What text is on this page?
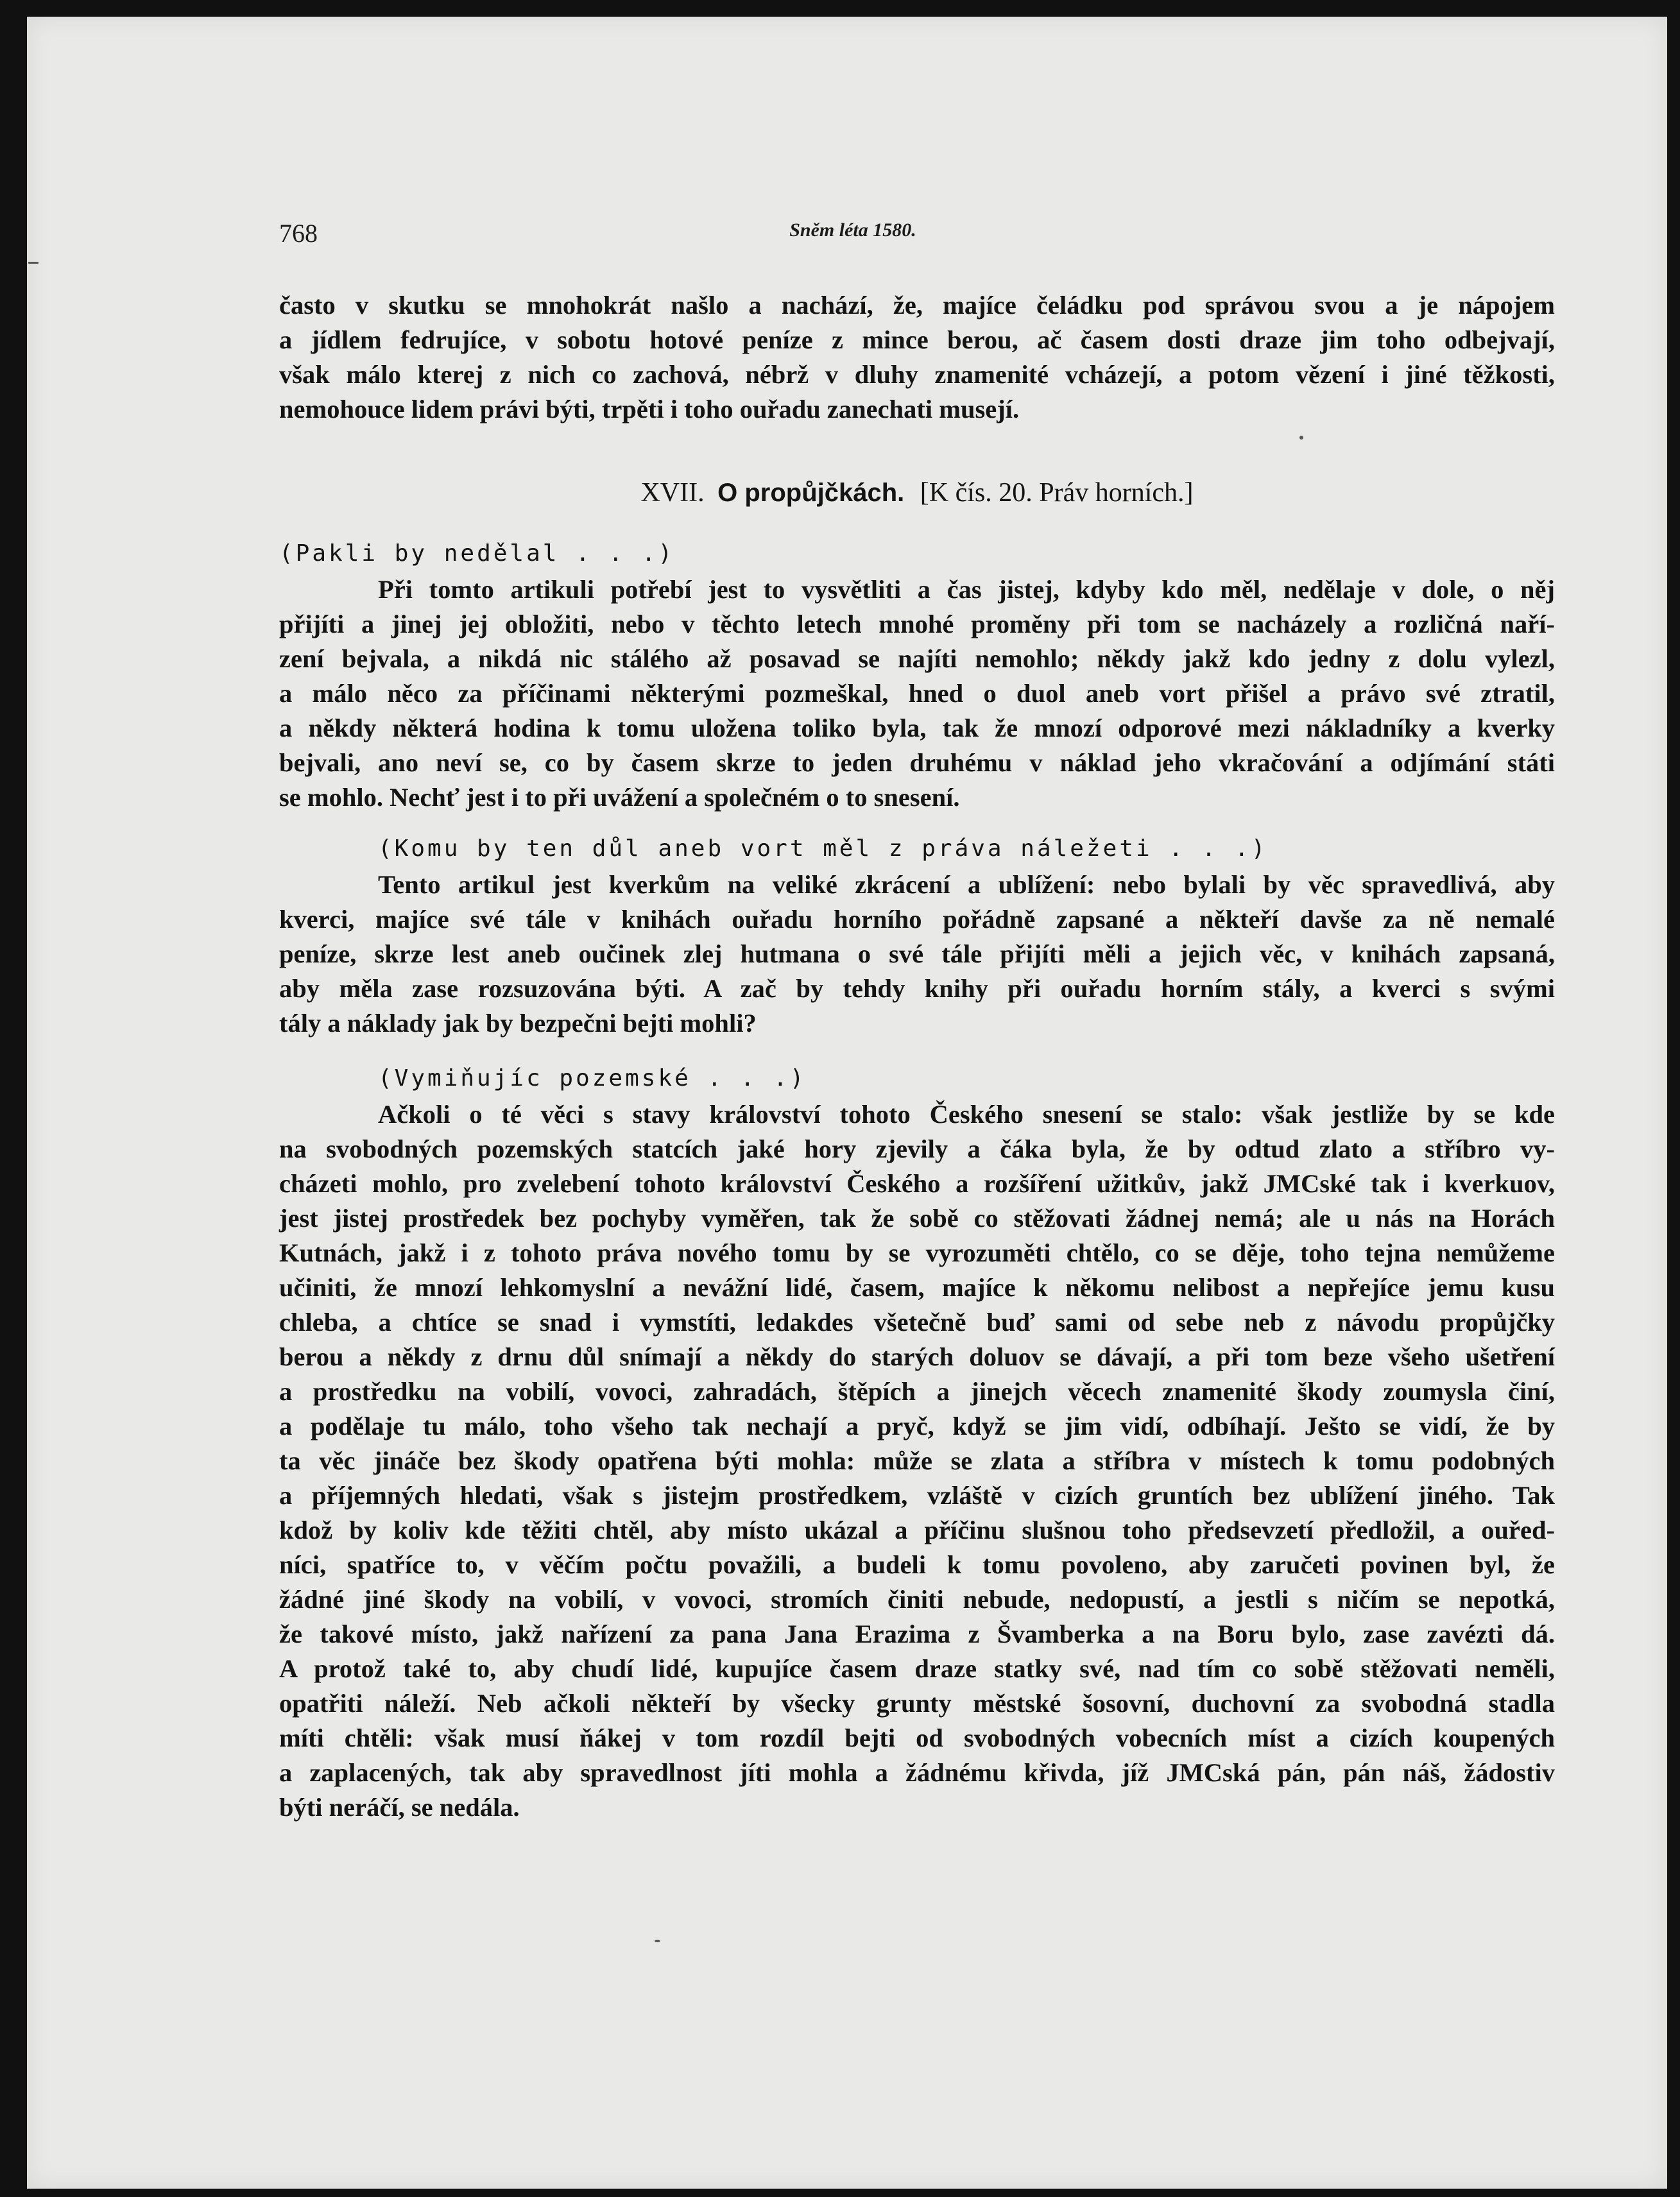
768	Sněm léta 1580.
často v skutku se mnohokrát našlo a nachází, že, majíce čeládku pod správou svou a je nápojem
a jídlem fedrujíce, v sobotu hotové peníze z mince berou, ač časem dosti draze jim toho odbejvají,
však málo kterej z nich co zachová, nébrž v dluhy znamenité vcházejí, a potom vězení i jiné těžkosti,
nemohouce lidem právi býti, trpěti i toho ouřadu zanechati musejí.
XVII. O propůjčkách. [K čís. 20. Práv horních.]
(Pakli by nedělal . . .)
Při tomto artikuli potřebí jest to vysvětliti a čas jistej, kdyby kdo měl, nedělaje v dole, o něj
přijíti a jinej jej obložiti, nebo v těchto letech mnohé proměny při tom se nacházely a rozličná naří-
zení bejvala, a nikdá nic stálého až posavad se najíti nemohlo; někdy jakž kdo jedny z dolu vylezl,
a málo něco za příčinami některými pozmeškal, hned o duol aneb vort přišel a právo své ztratil,
a někdy některá hodina k tomu uložena toliko byla, tak že mnozí odporové mezi nákladníky a kverky
bejvali, ano neví se, co by časem skrze to jeden druhému v náklad jeho vkračování a odjímání státi
se mohlo. Nechť jest i to při uvážení a společném o to snesení.
(Komu by ten důl aneb vort měl z práva náležeti . . .)
Tento artikul jest kverkům na veliké zkrácení a ublížení: nebo bylali by věc spravedlivá, aby
kverci, majíce své tále v knihách ouřadu horního pořádně zapsané a někteří davše za ně nemalé
peníze, skrze lest aneb oučinek zlej hutmana o své tále přijíti měli a jejich věc, v knihách zapsaná,
aby měla zase rozsuzována býti. A zač by tehdy knihy při ouřadu horním stály, a kverci s svými
tály a náklady jak by bezpečni bejti mohli?
(Vymiňujíc pozemské . . .)
Ačkoli o té věci s stavy království tohoto Českého snesení se stalo: však jestliže by se kde
na svobodných pozemských statcích jaké hory zjevily a čáka byla, že by odtud zlato a stříbro vy-
cházeti mohlo, pro zvelebení tohoto království Českého a rozšíření užitkův, jakž JMCské tak i kverkuov,
jest jistej prostředek bez pochyby vyměřen, tak že sobě co stěžovati žádnej nemá; ale u nás na Horách
Kutnách, jakž i z tohoto práva nového tomu by se vyrozuměti chtělo, co se děje, toho tejna nemůžeme
učiniti, že mnozí lehkomyslní a nevážní lidé, časem, majíce k někomu nelibost a nepřejíce jemu kusu
chleba, a chtíce se snad i vymstíti, ledakdes všetečně buď sami od sebe neb z návodu propůjčky
berou a někdy z drnu důl snímají a někdy do starých doluov se dávají, a při tom beze všeho ušetření
a prostředku na vobilí, vovoci, zahradách, štěpích a jinejch věcech znamenité škody zoumysla činí,
a podělaje tu málo, toho všeho tak nechají a pryč, když se jim vidí, odbíhají. Ješto se vidí, že by
ta věc jináče bez škody opatřena býti mohla: může se zlata a stříbra v místech k tomu podobných
a příjemných hledati, však s jistejm prostředkem, vzláště v cizích gruntích bez ublížení jiného. Tak
kdož by koliv kde těžiti chtěl, aby místo ukázal a příčinu slušnou toho předsevzetí předložil, a ouřed-
níci, spatříce to, v věčím počtu považili, a budeli k tomu povoleno, aby zaručeti povinen byl, že
žádné jiné škody na vobilí, v vovoci, stromích činiti nebude, nedopustí, a jestli s ničím se nepotká,
že takové místo, jakž nařízení za pana Jana Erazima z Švamberka a na Boru bylo, zase zavézti dá.
A protož také to, aby chudí lidé, kupujíce časem draze statky své, nad tím co sobě stěžovati neměli,
opatřiti náleží. Neb ačkoli někteří by všecky grunty městské šosovní, duchovní za svobodná stadla
míti chtěli: však musí ňákej v tom rozdíl bejti od svobodných vobecních míst a cizích koupených
a zaplacených, tak aby spravedlnost jíti mohla a žádnému křivda, jíž JMCská pán, pán náš, žádostiv
býti neráčí, se nedála.
